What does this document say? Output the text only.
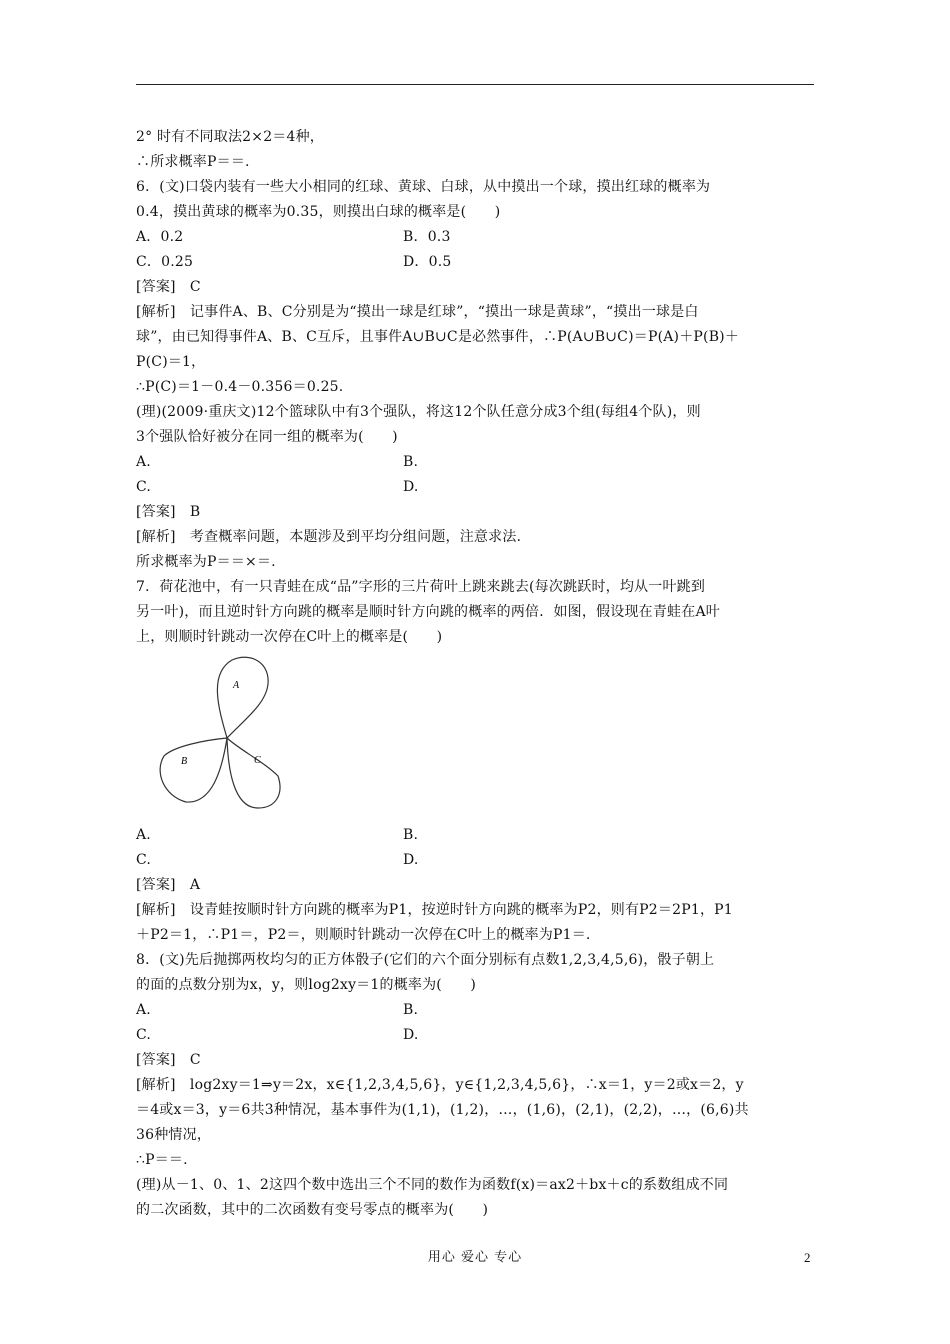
2° 时有不同取法2×2＝4种，
∴所求概率P＝＝.
6．(文)口袋内装有一些大小相同的红球、黄球、白球，从中摸出一个球，摸出红球的概率为
0.4，摸出黄球的概率为0.35，则摸出白球的概率是(　　)
A．0.2	B．0.3
C．0.25	D．0.5
[答案]　C
[解析]　记事件A、B、C分别是为“摸出一球是红球”，“摸出一球是黄球”，“摸出一球是白
球”，由已知得事件A、B、C互斥，且事件A∪B∪C是必然事件，∴P(A∪B∪C)＝P(A)＋P(B)＋
P(C)＝1，
∴P(C)＝1－0.4－0.356＝0.25.
(理)(2009·重庆文)12个篮球队中有3个强队，将这12个队任意分成3个组(每组4个队)，则
3个强队恰好被分在同一组的概率为(　　)
A.	B.
C.	D.
[答案]　B
[解析]　考查概率问题，本题涉及到平均分组问题，注意求法.
所求概率为P＝＝×＝.
7．荷花池中，有一只青蛙在成“品”字形的三片荷叶上跳来跳去(每次跳跃时，均从一叶跳到
另一叶)，而且逆时针方向跳的概率是顺时针方向跳的概率的两倍．如图，假设现在青蛙在A叶
上，则顺时针跳动一次停在C叶上的概率是(　　)
A
B	C
A.	B.
C.	D.
[答案]　A
[解析]　设青蛙按顺时针方向跳的概率为P1，按逆时针方向跳的概率为P2，则有P2＝2P1，P1
＋P2＝1，∴P1＝，P2＝，则顺时针跳动一次停在C叶上的概率为P1＝.
8．(文)先后抛掷两枚均匀的正方体骰子(它们的六个面分别标有点数1,2,3,4,5,6)，骰子朝上
的面的点数分别为x，y，则log2xy＝1的概率为(　　)
A.	B.
C.	D.
[答案]　C
[解析]　log2xy＝1⇒y＝2x，x∈{1,2,3,4,5,6}，y∈{1,2,3,4,5,6}，∴x＝1，y＝2或x＝2，y
＝4或x＝3，y＝6共3种情况，基本事件为(1,1)，(1,2)，…，(1,6)，(2,1)，(2,2)，…，(6,6)共
36种情况，
∴P＝＝.
(理)从－1、0、1、2这四个数中选出三个不同的数作为函数f(x)＝ax2＋bx＋c的系数组成不同
的二次函数，其中的二次函数有变号零点的概率为(　　)
用心 爱心 专心	2
